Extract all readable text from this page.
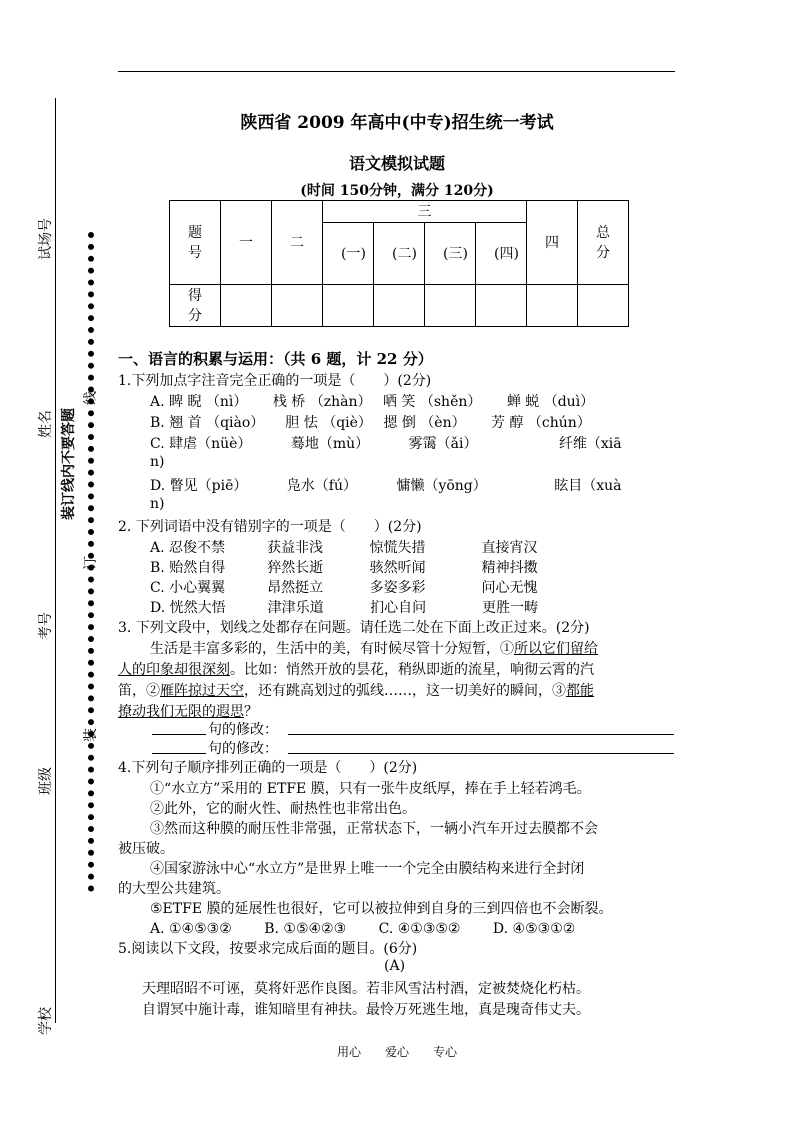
试场号
姓名
考号
班级
学校
装订线内不要答题
线
订
装
陕西省 2009 年高中(中专)招生统一考试
语文模拟试题
(时间 150分钟，满分 120分)
题号	一	二	三				四	总分
			(一)	(二)	(三)	(四)		
得分								
一、语言的积累与运用：（共 6 题，计 22 分）
1.下列加点字注音完全正确的一项是（　　）(2分)
A. 睥 睨 （nì）　　 栈 桥 （zhàn）　 哂 笑 （shěn）　　 蝉 蜕 （duì）
B. 翘 首 （qiào）　　胆 怯 （qiè）　 摁 倒 （èn）　　 芳 醇 （chún）
C. 肆虐（nüè）　　　 蓦地（mù）　　　 雾霭（ǎi）　　　　　　 纤维（xiā
n)
D. 瞥见（piē）　　　 凫水（fú）　　　 慵懒（yōng）　　　　　 眩目（xuà
n)
2. 下列词语中没有错别字的一项是（　　）(2分)
A. 忍俊不禁　　　获益非浅　　　 惊慌失措　　　　直接宵汉
B. 贻然自得　　　猝然长逝　　　 骇然听闻　　　　精神抖擞
C. 小心翼翼　　　昂然挺立　　　 多姿多彩　　　　问心无愧
D. 恍然大悟　　　津津乐道　　　 扪心自问　　　　更胜一畴
3. 下列文段中，划线之处都存在问题。请任选二处在下面上改正过来。(2分)
生活是丰富多彩的，生活中的美，有时候尽管十分短暂，①所以它们留给
人的印象却很深刻。比如：悄然开放的昙花，稍纵即逝的流星，响彻云霄的汽
笛，②雁阵掠过天空，还有跳高划过的弧线……，这一切美好的瞬间，③都能
撩动我们无限的遐思？
句的修改：
句的修改：
4.下列句子顺序排列正确的一项是（　　）(2分)
①“水立方”采用的 ETFE 膜，只有一张牛皮纸厚，捧在手上轻若鸿毛。
②此外，它的耐火性、耐热性也非常出色。
③然而这种膜的耐压性非常强，正常状态下，一辆小汽车开过去膜都不会
被压破。
④国家游泳中心“水立方”是世界上唯一一个完全由膜结构来进行全封闭
的大型公共建筑。
⑤ETFE 膜的延展性也很好，它可以被拉伸到自身的三到四倍也不会断裂。
A. ①④⑤③②　　 B. ①⑤④②③　　 C. ④①③⑤②　　 D. ④⑤③①②
5.阅读以下文段，按要求完成后面的题目。(6分)
(A)
天理昭昭不可诬，莫将奸恶作良图。若非风雪沽村酒，定被焚烧化朽枯。
自谓冥中施计毒，谁知暗里有神扶。最怜万死逃生地，真是瑰奇伟丈夫。
用心　　爱心　　专心
